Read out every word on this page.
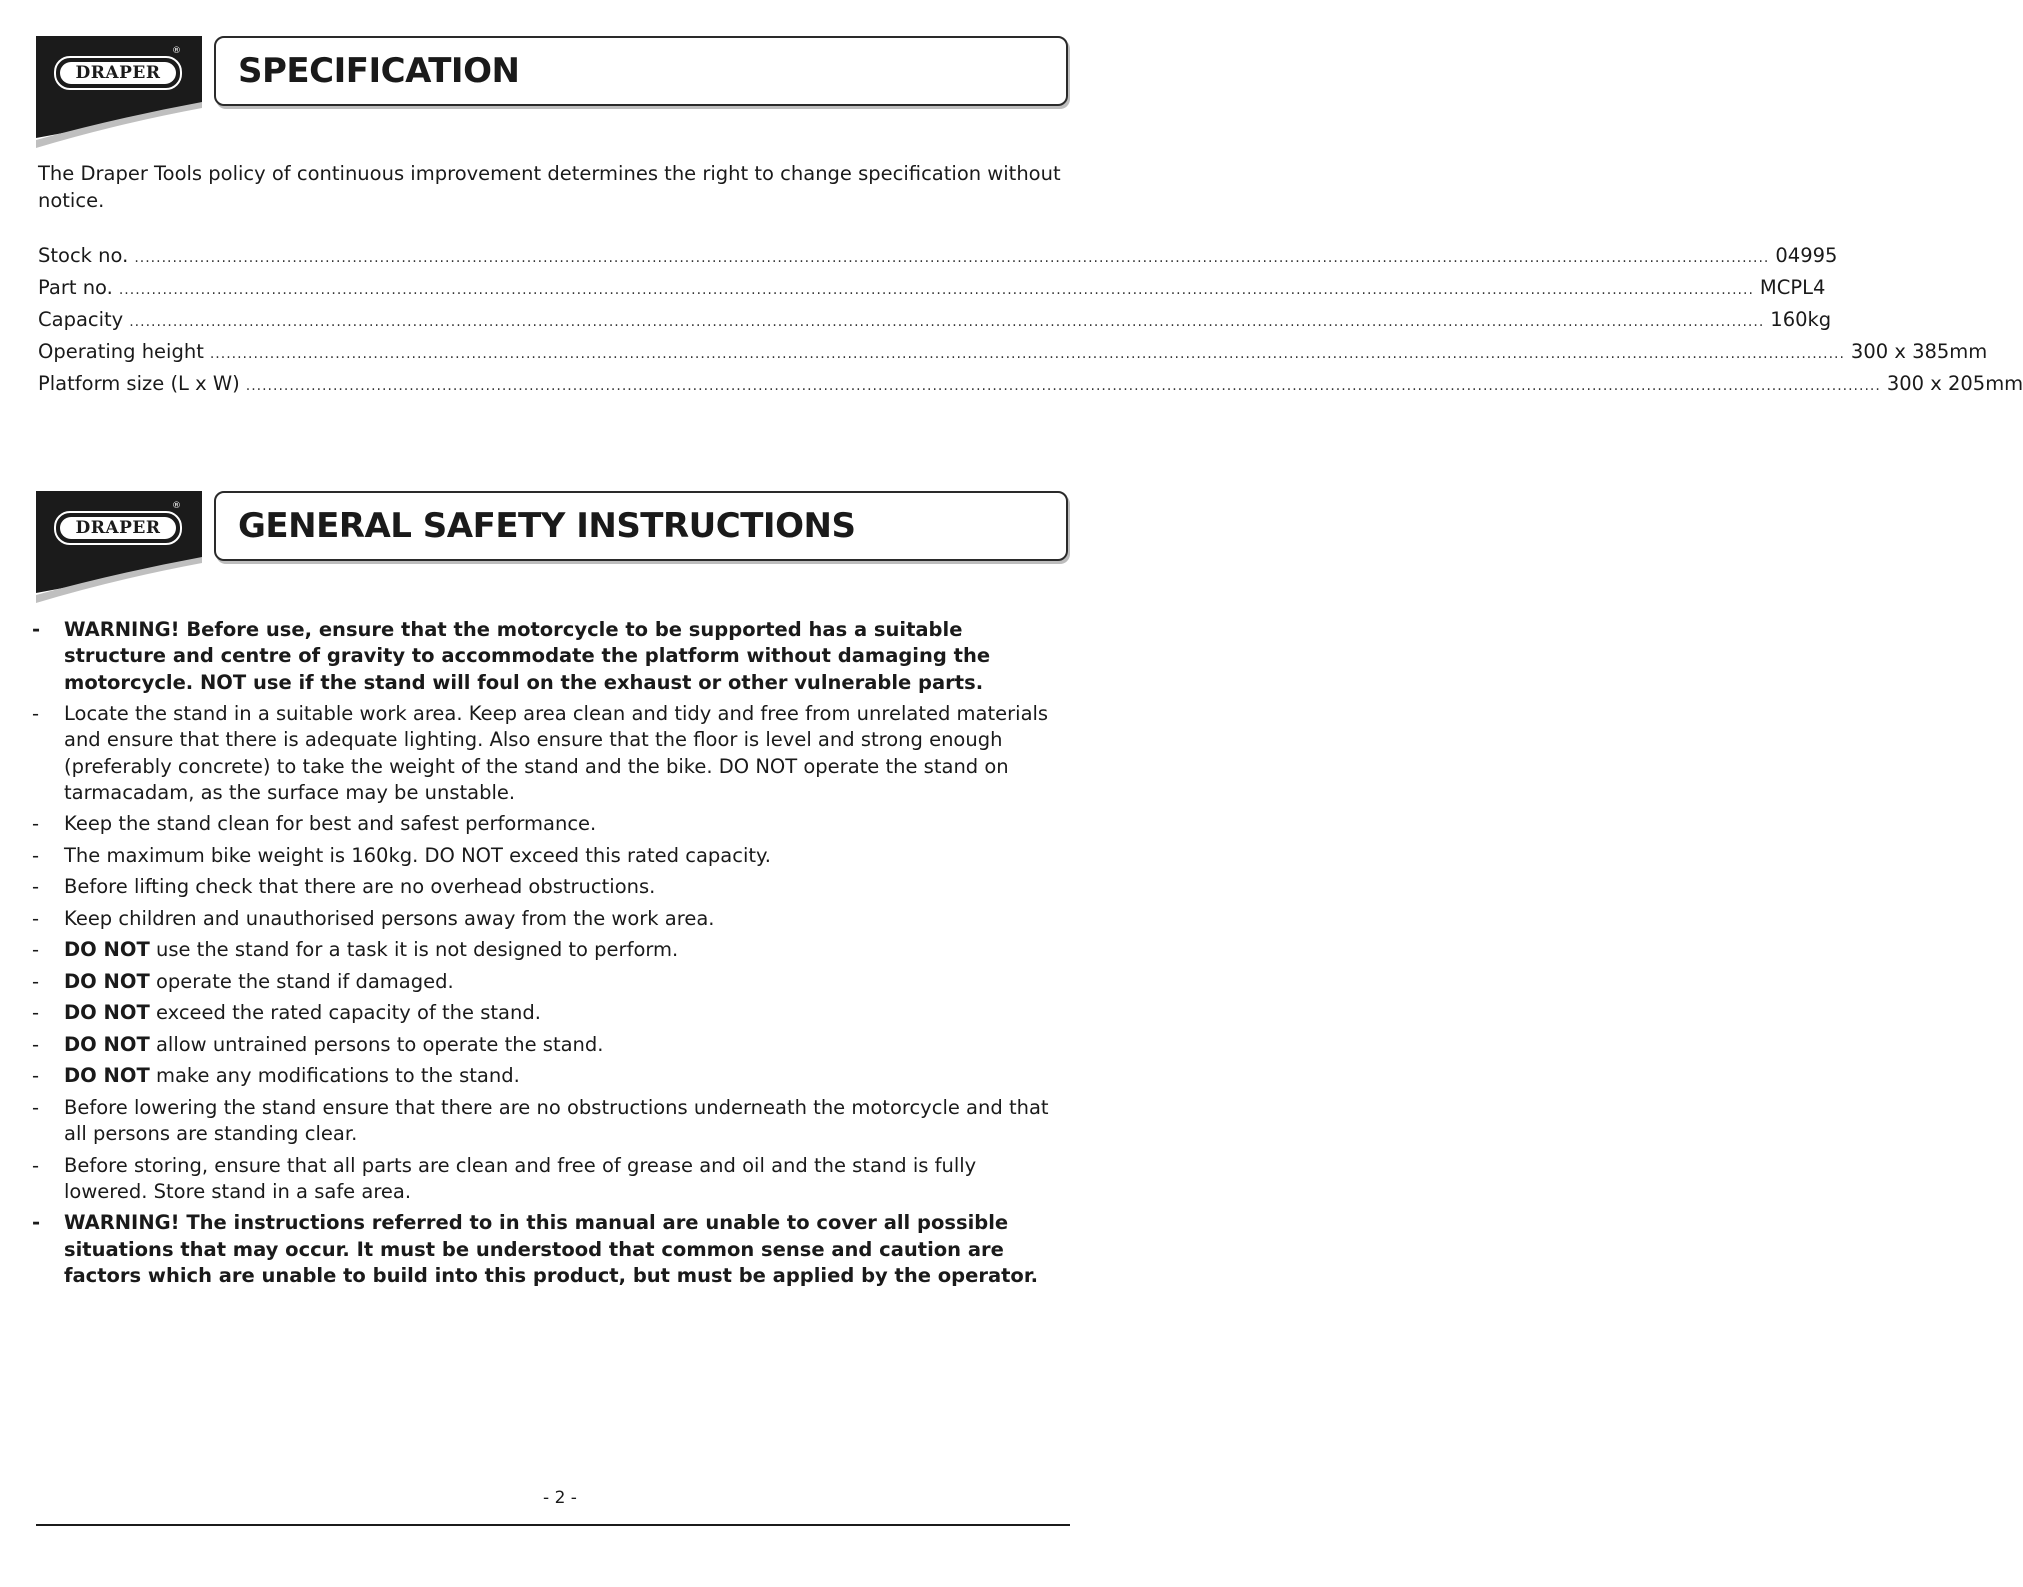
DRAPER
® SPECIFICATION

The Draper Tools policy of continuous improvement determines the right to change specification without notice.

Stock no. ............................................................................................................................................................................................................................................................................................................ 04995
Part no. ............................................................................................................................................................................................................................................................................................................ MCPL4
Capacity ............................................................................................................................................................................................................................................................................................................ 160kg
Operating height ............................................................................................................................................................................................................................................................................................................ 300 x 385mm
Platform size (L x W) ............................................................................................................................................................................................................................................................................................................ 300 x 205mm
DRAPER
® GENERAL SAFETY INSTRUCTIONS
-	WARNING! Before use, ensure that the motorcycle to be supported has a suitable structure and centre of gravity to accommodate the platform without damaging the motorcycle. NOT use if the stand will foul on the exhaust or other vulnerable parts.
-	Locate the stand in a suitable work area. Keep area clean and tidy and free from unrelated materials and ensure that there is adequate lighting. Also ensure that the floor is level and strong enough (preferably concrete) to take the weight of the stand and the bike. DO NOT operate the stand on tarmacadam, as the surface may be unstable.
-	Keep the stand clean for best and safest performance.
-	The maximum bike weight is 160kg. DO NOT exceed this rated capacity.
-	Before lifting check that there are no overhead obstructions.
-	Keep children and unauthorised persons away from the work area.
-	DO NOT use the stand for a task it is not designed to perform.
-	DO NOT operate the stand if damaged.
-	DO NOT exceed the rated capacity of the stand.
-	DO NOT allow untrained persons to operate the stand.
-	DO NOT make any modifications to the stand.
-	Before lowering the stand ensure that there are no obstructions underneath the motorcycle and that all persons are standing clear.
-	Before storing, ensure that all parts are clean and free of grease and oil and the stand is fully lowered. Store stand in a safe area.
-	WARNING! The instructions referred to in this manual are unable to cover all possible situations that may occur. It must be understood that common sense and caution are factors which are unable to build into this product, but must be applied by the operator.
- 2 -
